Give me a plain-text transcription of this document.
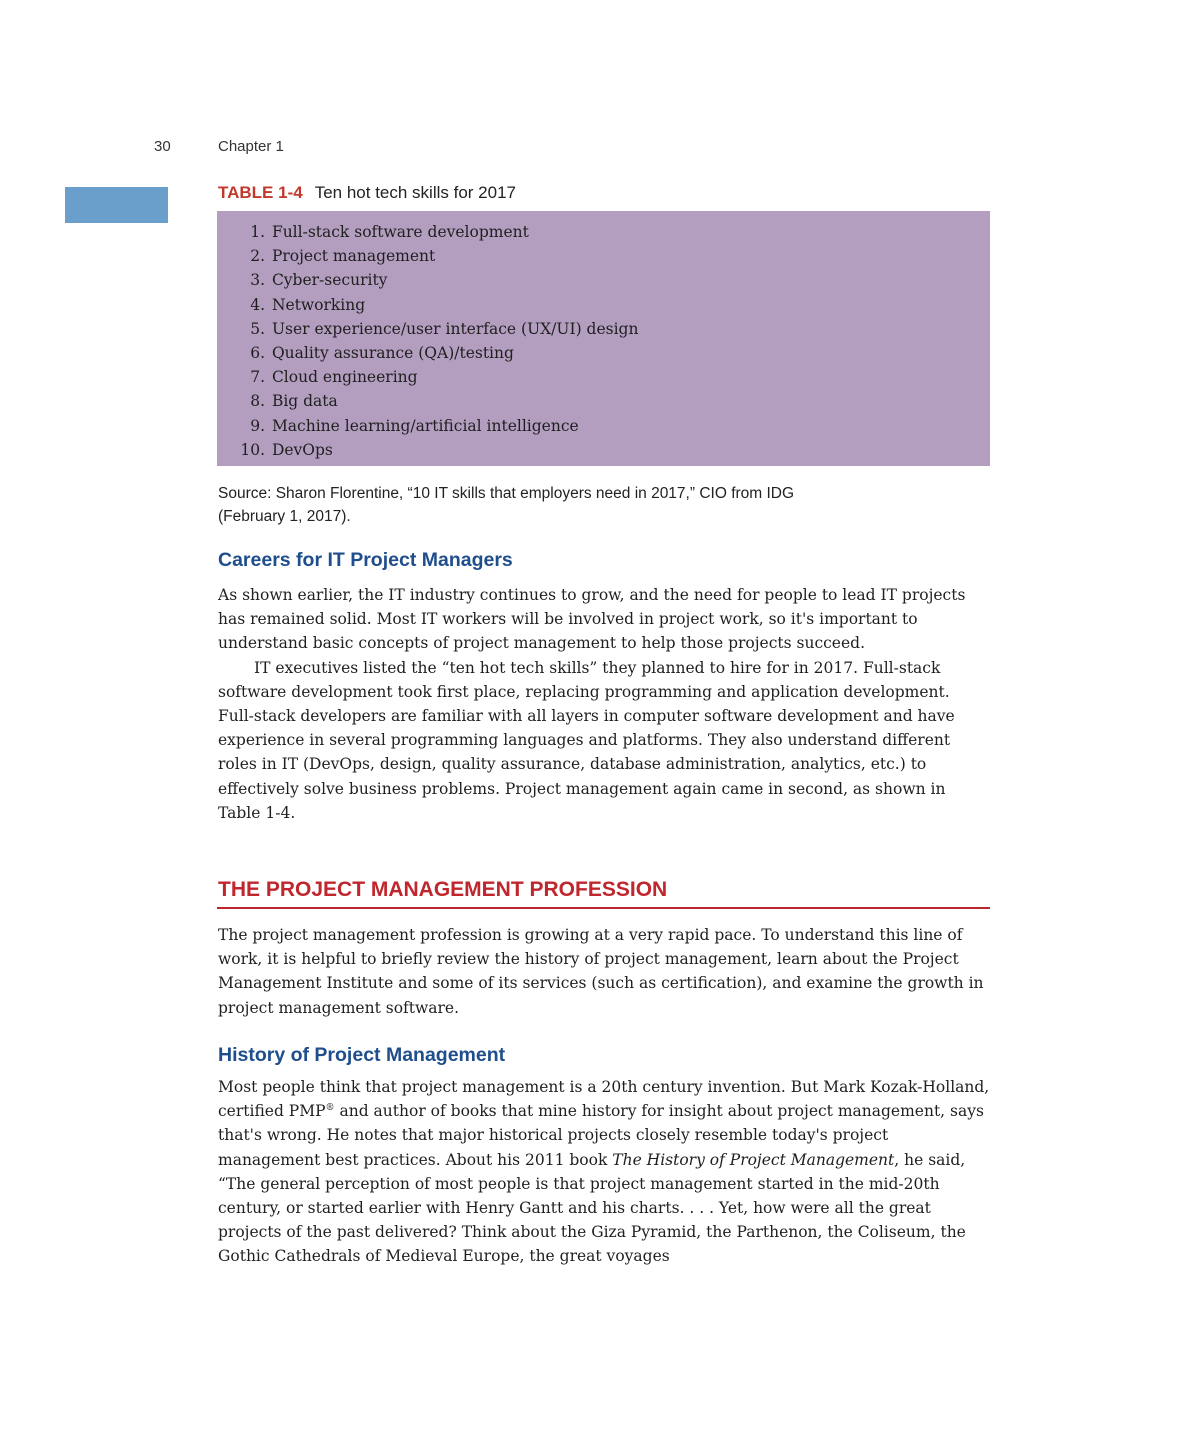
30	Chapter 1
TABLE 1-4 Ten hot tech skills for 2017
1.
Full-stack software development
2.
Project management
3.
Cyber-security
4.
Networking
5.
User experience/user interface (UX/UI) design
6.
Quality assurance (QA)/testing
7.
Cloud engineering
8.
Big data
9.
Machine learning/artificial intelligence
10.
DevOps
Source: Sharon Florentine, “10 IT skills that employers need in 2017,” CIO from IDG
(February 1, 2017).
Careers for IT Project Managers

As shown earlier, the IT industry continues to grow, and the need for people to lead IT projects has remained solid. Most IT workers will be involved in project work, so it's important to understand basic concepts of project management to help those projects succeed.

IT executives listed the “ten hot tech skills” they planned to hire for in 2017. Full-stack software development took first place, replacing programming and application development. Full-stack developers are familiar with all layers in computer software development and have experience in several programming languages and platforms. They also understand different roles in IT (DevOps, design, quality assurance, database administration, analytics, etc.) to effectively solve business problems. Project management again came in second, as shown in Table 1-4.

THE PROJECT MANAGEMENT PROFESSION

The project management profession is growing at a very rapid pace. To understand this line of work, it is helpful to briefly review the history of project management, learn about the Project Management Institute and some of its services (such as certification), and examine the growth in project management software.

History of Project Management

Most people think that project management is a 20th century invention. But Mark Kozak-Holland, certified PMP® and author of books that mine history for insight about project management, says that's wrong. He notes that major historical projects closely resemble today's project management best practices. About his 2011 book The History of Project Management, he said, “The general perception of most people is that project management started in the mid-20th century, or started earlier with Henry Gantt and his charts. . . . Yet, how were all the great projects of the past delivered? Think about the Giza Pyramid, the Parthenon, the Coliseum, the Gothic Cathedrals of Medieval Europe, the great voyages
